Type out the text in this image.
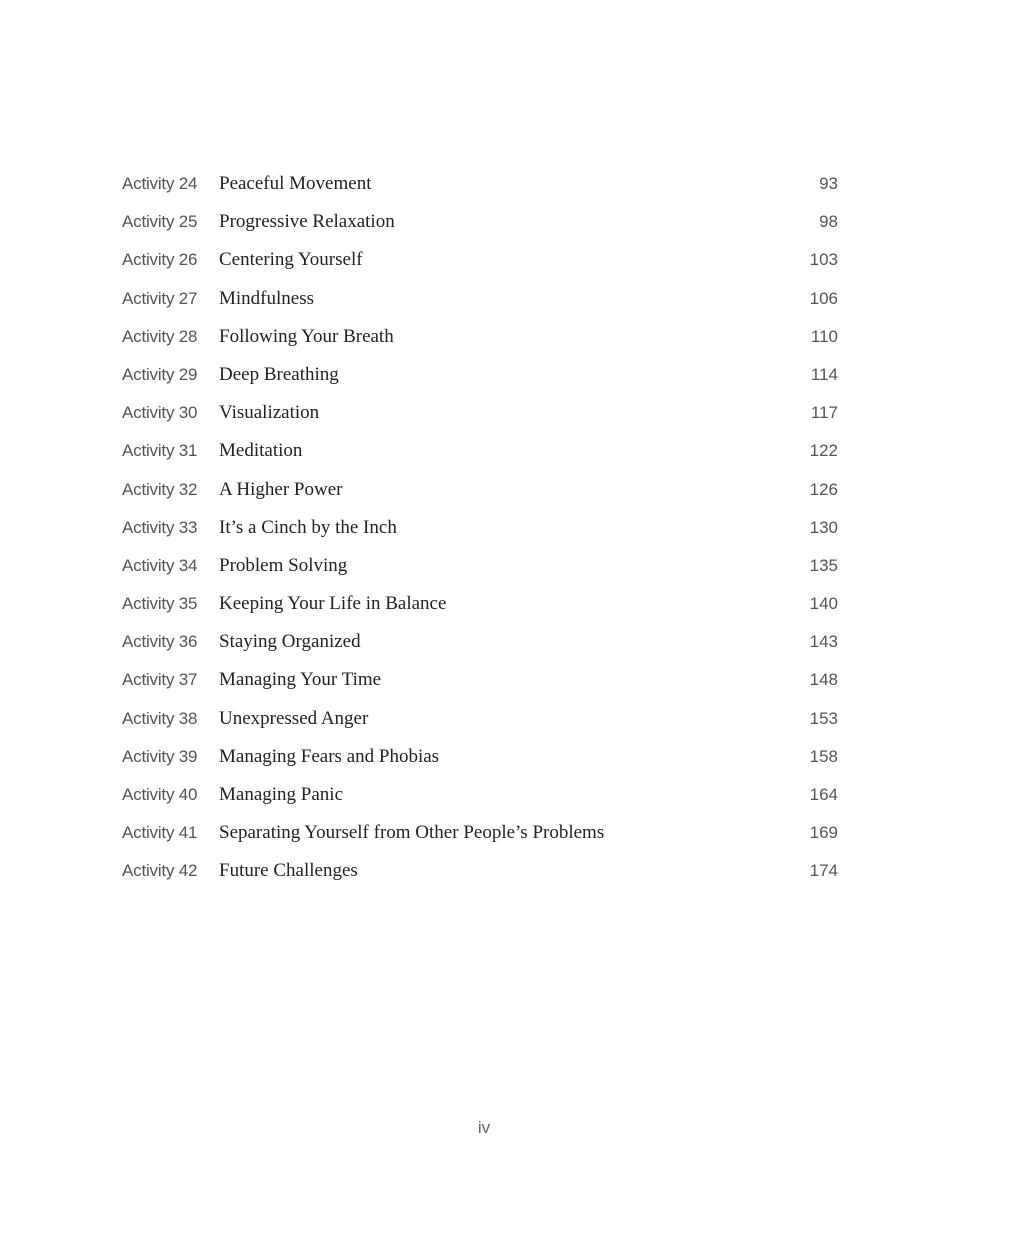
Activity 24	Peaceful Movement	93
Activity 25	Progressive Relaxation	98
Activity 26	Centering Yourself	103
Activity 27	Mindfulness	106
Activity 28	Following Your Breath	110
Activity 29	Deep Breathing	114
Activity 30	Visualization	117
Activity 31	Meditation	122
Activity 32	A Higher Power	126
Activity 33	It’s a Cinch by the Inch	130
Activity 34	Problem Solving	135
Activity 35	Keeping Your Life in Balance	140
Activity 36	Staying Organized	143
Activity 37	Managing Your Time	148
Activity 38	Unexpressed Anger	153
Activity 39	Managing Fears and Phobias	158
Activity 40	Managing Panic	164
Activity 41	Separating Yourself from Other People’s Problems	169
Activity 42	Future Challenges	174
iv
